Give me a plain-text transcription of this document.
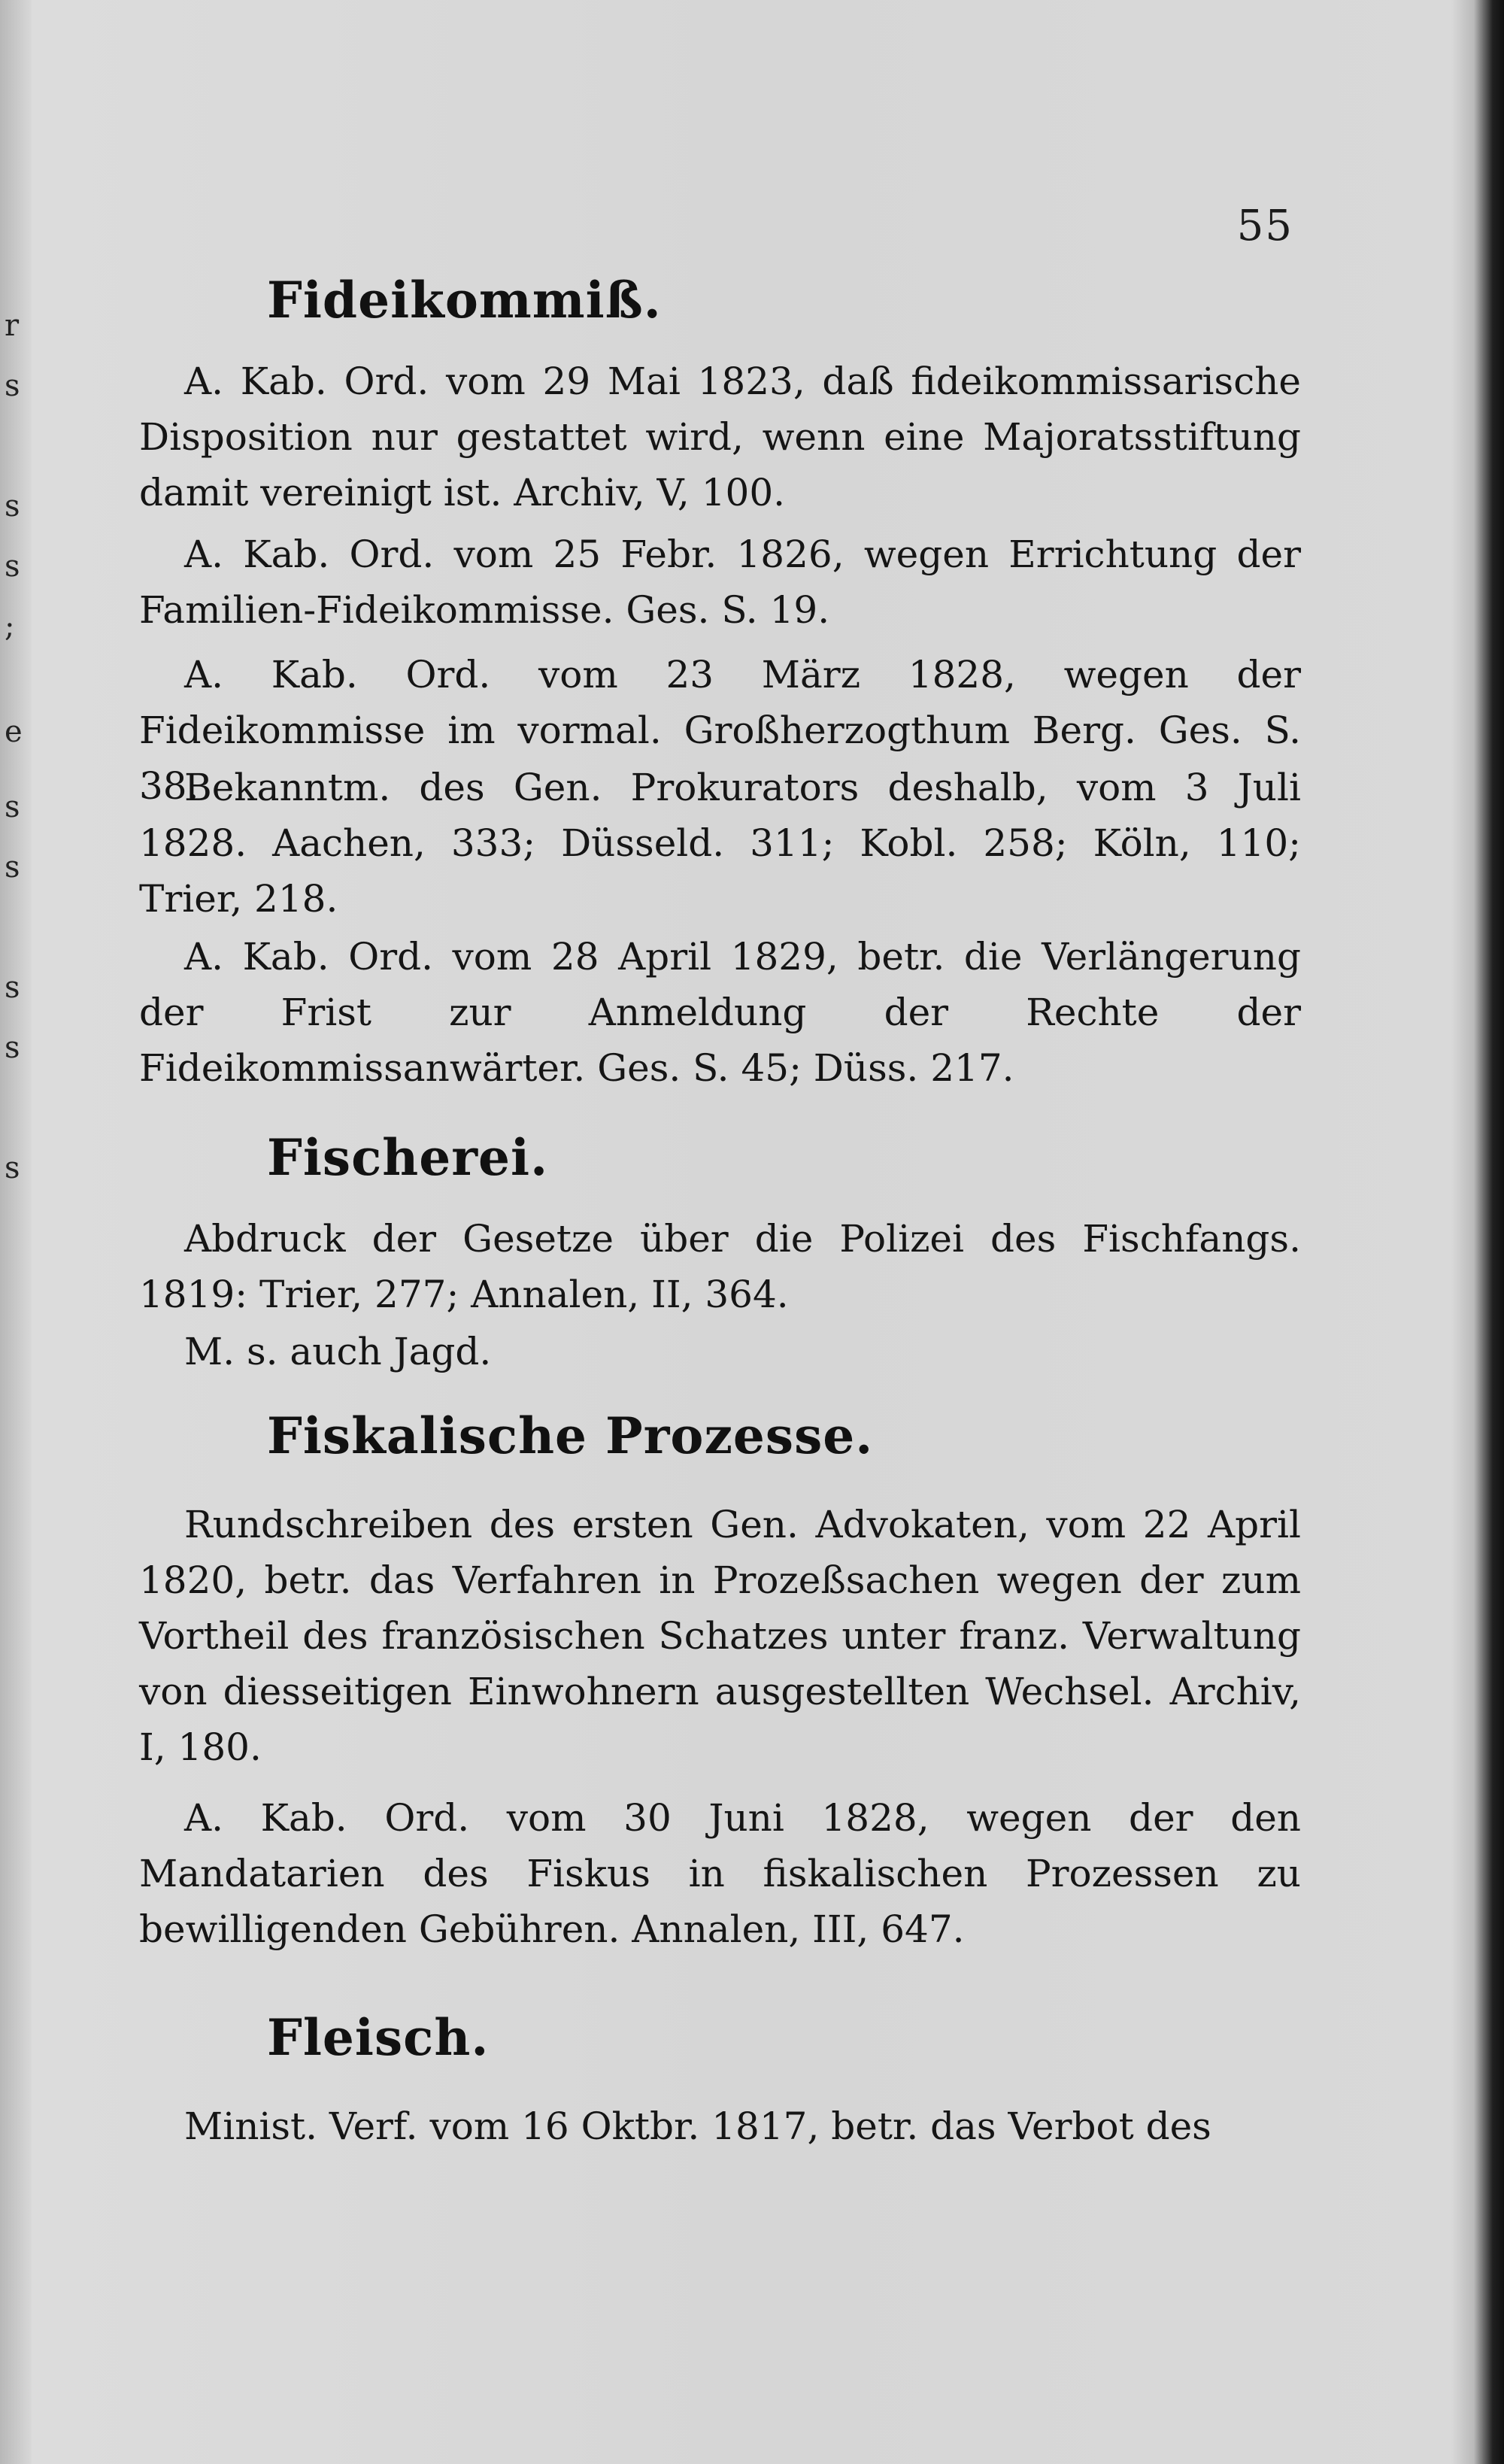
r
s
s
s
;
e
s
s
s
s
s
55
Fideikommiß.
A. Kab. Ord. vom 29 Mai 1823, daß fideikommissarische Disposition nur gestattet wird, wenn eine Majoratsstiftung damit vereinigt ist. Archiv, V, 100.
A. Kab. Ord. vom 25 Febr. 1826, wegen Errichtung der Familien-Fideikommisse. Ges. S. 19.
A. Kab. Ord. vom 23 März 1828, wegen der Fideikommisse im vormal. Großherzogthum Berg. Ges. S. 38.
Bekanntm. des Gen. Prokurators deshalb, vom 3 Juli 1828. Aachen, 333; Düsseld. 311; Kobl. 258; Köln, 110; Trier, 218.
A. Kab. Ord. vom 28 April 1829, betr. die Verlängerung der Frist zur Anmeldung der Rechte der Fideikommissanwärter. Ges. S. 45; Düss. 217.
Fischerei.
Abdruck der Gesetze über die Polizei des Fischfangs. 1819: Trier, 277; Annalen, II, 364.
M. s. auch Jagd.
Fiskalische Prozesse.
Rundschreiben des ersten Gen. Advokaten, vom 22 April 1820, betr. das Verfahren in Prozeßsachen wegen der zum Vortheil des französischen Schatzes unter franz. Verwaltung von diesseitigen Einwohnern ausgestellten Wechsel. Archiv, I, 180.
A. Kab. Ord. vom 30 Juni 1828, wegen der den Mandatarien des Fiskus in fiskalischen Prozessen zu bewilligenden Gebühren. Annalen, III, 647.
Fleisch.
Minist. Verf. vom 16 Oktbr. 1817, betr. das Verbot des
